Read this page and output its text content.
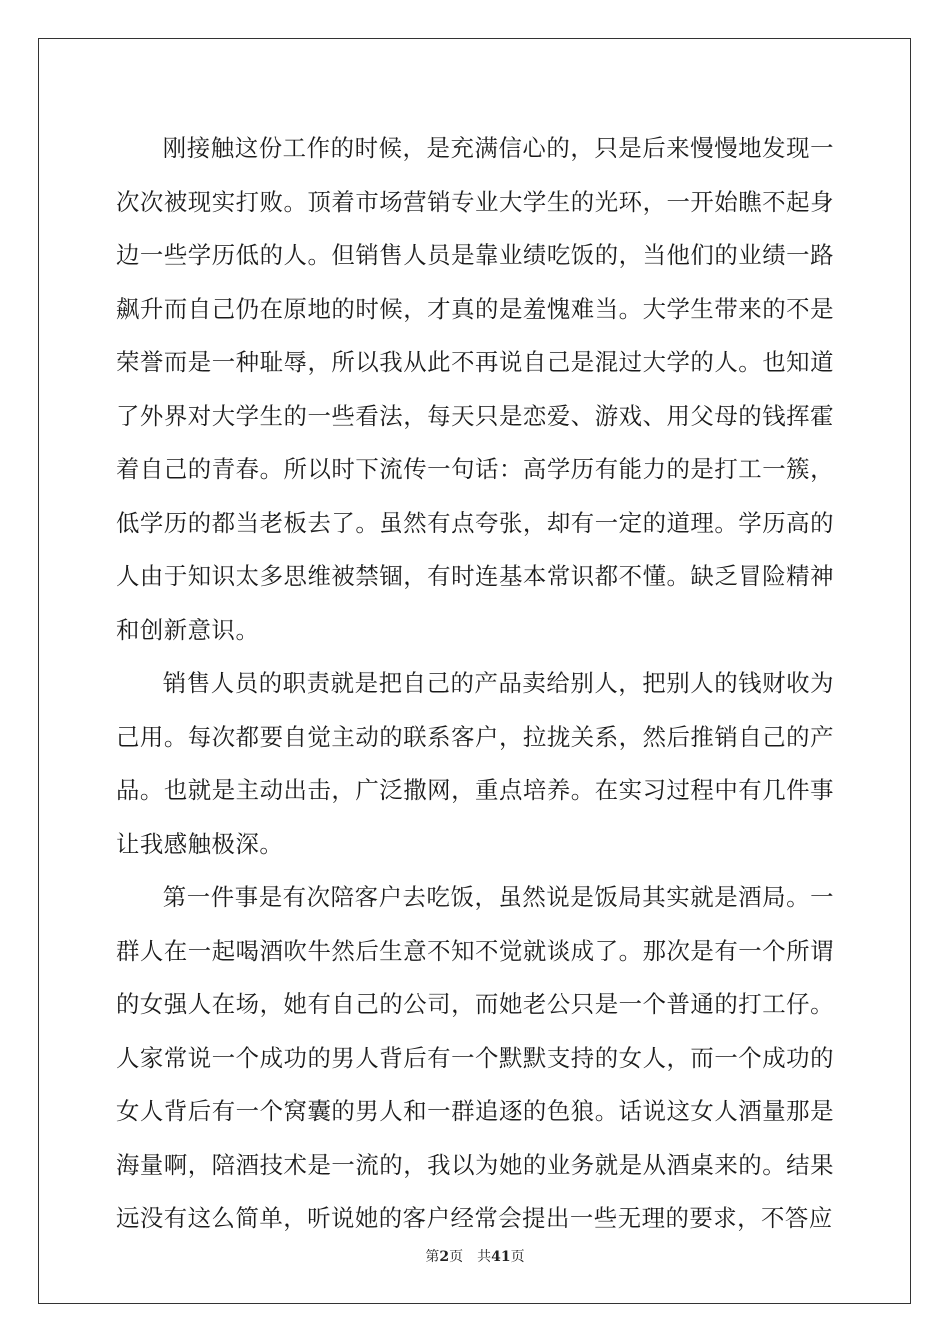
刚接触这份工作的时候，是充满信心的，只是后来慢慢地发现一次次被现实打败。顶着市场营销专业大学生的光环，一开始瞧不起身边一些学历低的人。但销售人员是靠业绩吃饭的，当他们的业绩一路飙升而自己仍在原地的时候，才真的是羞愧难当。大学生带来的不是荣誉而是一种耻辱，所以我从此不再说自己是混过大学的人。也知道了外界对大学生的一些看法，每天只是恋爱、游戏、用父母的钱挥霍着自己的青春。所以时下流传一句话：高学历有能力的是打工一簇，低学历的都当老板去了。虽然有点夸张，却有一定的道理。学历高的人由于知识太多思维被禁锢，有时连基本常识都不懂。缺乏冒险精神和创新意识。

销售人员的职责就是把自己的产品卖给别人，把别人的钱财收为己用。每次都要自觉主动的联系客户，拉拢关系，然后推销自己的产品。也就是主动出击，广泛撒网，重点培养。在实习过程中有几件事让我感触极深。

第一件事是有次陪客户去吃饭，虽然说是饭局其实就是酒局。一群人在一起喝酒吹牛然后生意不知不觉就谈成了。那次是有一个所谓的女强人在场，她有自己的公司，而她老公只是一个普通的打工仔。人家常说一个成功的男人背后有一个默默支持的女人，而一个成功的女人背后有一个窝囊的男人和一群追逐的色狼。话说这女人酒量那是海量啊，陪酒技术是一流的，我以为她的业务就是从酒桌来的。结果远没有这么简单，听说她的客户经常会提出一些无理的要求，不答应

第2页 共41页
